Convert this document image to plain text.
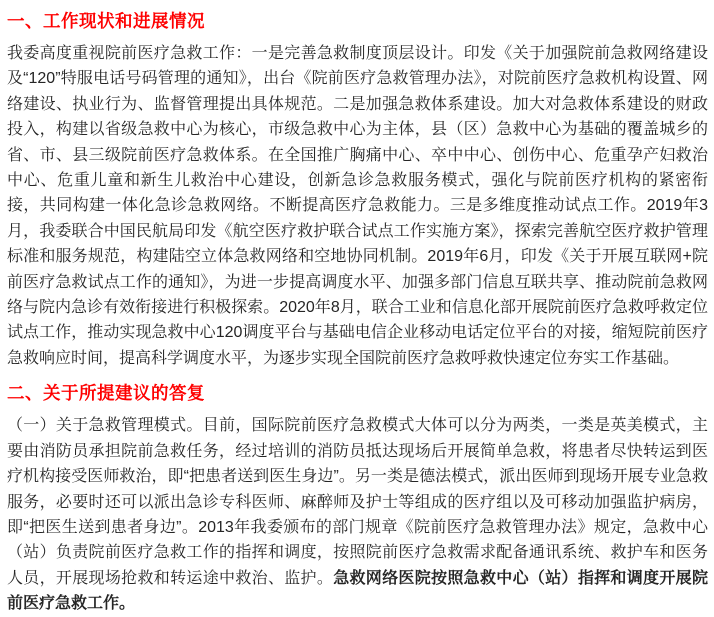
一、工作现状和进展情况

我委高度重视院前医疗急救工作：一是完善急救制度顶层设计。印发《关于加强院前急救网络建设及“120”特服电话号码管理的通知》，出台《院前医疗急救管理办法》，对院前医疗急救机构设置、网络建设、执业行为、监督管理提出具体规范。二是加强急救体系建设。加大对急救体系建设的财政投入，构建以省级急救中心为核心，市级急救中心为主体，县（区）急救中心为基础的覆盖城乡的省、市、县三级院前医疗急救体系。在全国推广胸痛中心、卒中中心、创伤中心、危重孕产妇救治中心、危重儿童和新生儿救治中心建设，创新急诊急救服务模式，强化与院前医疗机构的紧密衔接，共同构建一体化急诊急救网络。不断提高医疗急救能力。三是多维度推动试点工作。2019年3月，我委联合中国民航局印发《航空医疗救护联合试点工作实施方案》，探索完善航空医疗救护管理标准和服务规范，构建陆空立体急救网络和空地协同机制。2019年6月，印发《关于开展互联网+院前医疗急救试点工作的通知》，为进一步提高调度水平、加强多部门信息互联共享、推动院前急救网络与院内急诊有效衔接进行积极探索。2020年8月，联合工业和信息化部开展院前医疗急救呼救定位试点工作，推动实现急救中心120调度平台与基础电信企业移动电话定位平台的对接，缩短院前医疗急救响应时间，提高科学调度水平，为逐步实现全国院前医疗急救呼救快速定位夯实工作基础。

二、关于所提建议的答复

（一）关于急救管理模式。目前，国际院前医疗急救模式大体可以分为两类，一类是英美模式，主要由消防员承担院前急救任务，经过培训的消防员抵达现场后开展简单急救，将患者尽快转运到医疗机构接受医师救治，即“把患者送到医生身边”。另一类是德法模式，派出医师到现场开展专业急救服务，必要时还可以派出急诊专科医师、麻醉师及护士等组成的医疗组以及可移动加强监护病房，即“把医生送到患者身边”。2013年我委颁布的部门规章《院前医疗急救管理办法》规定，急救中心（站）负责院前医疗急救工作的指挥和调度，按照院前医疗急救需求配备通讯系统、救护车和医务人员，开展现场抢救和转运途中救治、监护。急救网络医院按照急救中心（站）指挥和调度开展院前医疗急救工作。
